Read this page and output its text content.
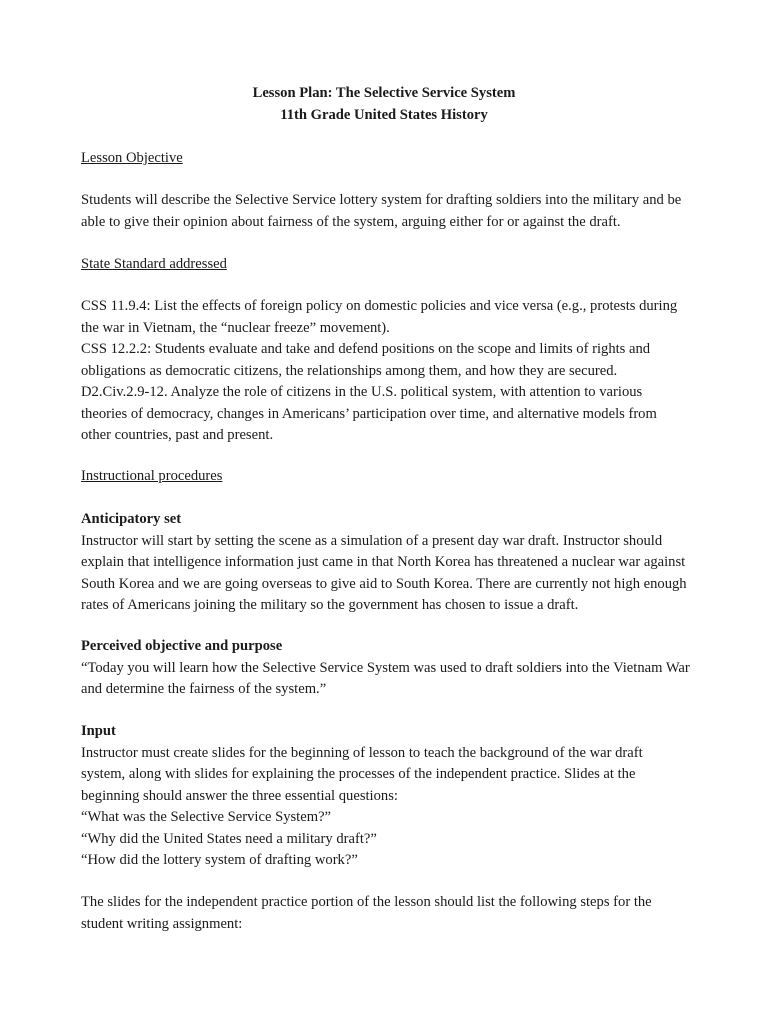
Lesson Plan: The Selective Service System
11th Grade United States History

Lesson Objective

Students will describe the Selective Service lottery system for drafting soldiers into the military and be able to give their opinion about fairness of the system, arguing either for or against the draft.

State Standard addressed

CSS 11.9.4: List the effects of foreign policy on domestic policies and vice versa (e.g., protests during the war in Vietnam, the “nuclear freeze” movement).

CSS 12.2.2: Students evaluate and take and defend positions on the scope and limits of rights and obligations as democratic citizens, the relationships among them, and how they are secured.

D2.Civ.2.9-12. Analyze the role of citizens in the U.S. political system, with attention to various theories of democracy, changes in Americans’ participation over time, and alternative models from other countries, past and present.

Instructional procedures

Anticipatory set

Instructor will start by setting the scene as a simulation of a present day war draft. Instructor should explain that intelligence information just came in that North Korea has threatened a nuclear war against South Korea and we are going overseas to give aid to South Korea. There are currently not high enough rates of Americans joining the military so the government has chosen to issue a draft.

Perceived objective and purpose

“Today you will learn how the Selective Service System was used to draft soldiers into the Vietnam War and determine the fairness of the system.”

Input

Instructor must create slides for the beginning of lesson to teach the background of the war draft system, along with slides for explaining the processes of the independent practice. Slides at the beginning should answer the three essential questions:

“What was the Selective Service System?”

“Why did the United States need a military draft?”

“How did the lottery system of drafting work?”

The slides for the independent practice portion of the lesson should list the following steps for the student writing assignment:
